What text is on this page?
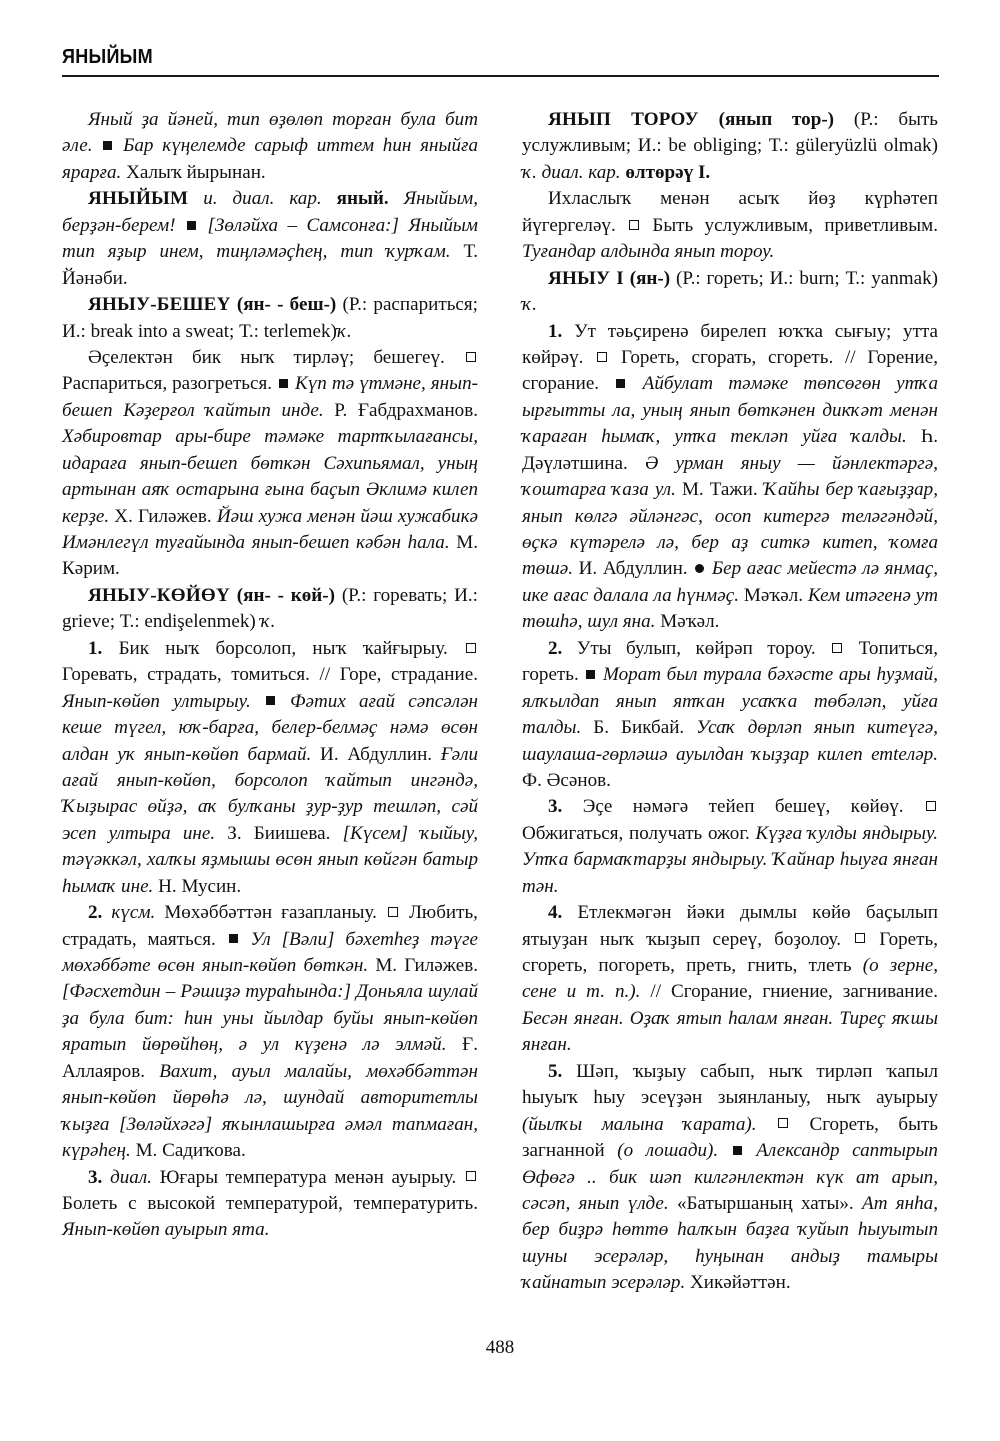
ЯНЫЙЫМ

Яный ҙа йәней, тип өҙөлөп торған була бит әле. Бар күңелемде сарыф иттем һин яныйға ярарға. Халыҡ йырынан.

ЯНЫЙЫМ и. диал. кар. яный. Яныйым, берҙән-берем! [Зөләйха – Самсонға:] Яныйым тип яҙыр инем, тиңләмәҫһең, тип ҡурҡам. Т. Йәнәби.

ЯНЫУ-БЕШЕҮ (ян- - беш-) (Р.: распариться; И.: break into a sweat; Т.: terlemek)ҡ.

Әҫелектән бик ныҡ тирләү; бешегеү.  Распариться, разогреться. Күп тә үтмәне, янып-бешеп Кәҙерғол ҡайтып инде. Р. Ғабдрахманов. Хәбировтар ары-бире тәмәке тартҡылағансы, идараға янып-бешеп бөткән Сәхипьямал, уның артынан аяҡ остарына ғына баҫып Әклимә килеп керҙе. Х. Гиләжев. Йәш хужа менән йәш хужабикә Имәнлегүл туғайында янып-бешеп кәбән һала. М. Кәрим.

ЯНЫУ-КӨЙӨҮ (ян- - көй-) (Р.: горевать; И.: grieve; Т.: endişelenmek) ҡ.

1. Бик ныҡ борсолоп, ныҡ ҡайғырыу.  Горевать, страдать, томиться. // Горе, страдание. Янып-көйөп ултырыу. Фәтих ағай сәпсәлән кеше түгел, юҡ-барға, белер-белмәҫ нәмә өсөн алдан уҡ янып-көйөп бармай. И. Абдуллин. Ғәли ағай янып-көйөп, борсолоп ҡайтып ингәндә, Ҡыҙырас өйҙә, аҡ булҡаны ҙур-ҙур тешләп, сәй эсеп ултыра ине. З. Биишева. [Күсем] ҡыйыу, тәүәккәл, халҡы яҙмышы өсөн янып көйгән батыр һымаҡ ине. Н. Мусин.

2. күсм. Мөхәббәттән ғазапланыу. Любить, страдать, маяться. Ул [Вәли] бәхетһеҙ тәүге мөхәббәте өсөн янып-көйөп бөткән. М. Гиләжев. [Фәсхетдин – Рәшиҙә тураһында:] Доньяла шулай ҙа була бит: һин уны йылдар буйы янып-көйөп яратып йөрөйһөң, ә ул күҙенә лә элмәй. Ғ. Аллаяров. Вахит, ауыл малайы, мөхәббәттән янып-көйөп йөрөһә лә, шундай авторитетлы ҡыҙға [Зөләйхәгә] яҡынлашырға әмәл тапмаған, күрәһең. М. Садиҡова.

3. диал. Юғары температура менән ауырыу.  Болеть с высокой температурой, температурить. Янып-көйөп ауырып ята.

ЯНЫП ТОРОУ (янып тор-) (Р.: быть услужливым; И.: be obliging; Т.: güleryüzlü olmak) ҡ. диал. кар. өлтөрәү I.

Ихласлыҡ менән асыҡ йөҙ күрһәтеп йүгергеләү. Быть услужливым, приветливым. Туғандар алдында янып тороу.

ЯНЫУ I (ян-) (Р.: гореть; И.: burn; Т.: yanmak) ҡ.

1. Ут тәьҫиренә бирелеп юҡҡа сығыу; утта көйрәү. Гореть, сгорать, сгореть. // Горение, сгорание. Айбулат тәмәке төпсөгөн утҡа ырғытты ла, уның янып бөткәнен дикҡәт менән ҡараған һымаҡ, утҡа текләп уйға ҡалды. Һ. Дәүләтшина. Ә урман яныу — йәнлектәргә, ҡоштарға ҡаза ул. М. Тажи. Ҡайһы бер ҡағыҙҙар, янып көлгә әйләнгәс, осоп китергә теләгәндәй, өҫкә күтәрелә лә, бер аҙ ситкә китеп, ҡомға төшә. И. Абдуллин. Бер ағас мейестә лә янмаҫ, ике ағас далала ла һүнмәҫ. Мәҡәл. Кем итәгенә ут төшһә, шул яна. Мәҡәл.

2. Уты булып, көйрәп тороу. Топиться, гореть. Морат был турала бәхәсте ары һуҙмай, ялҡылдап янып ятҡан усаҡҡа төбәләп, уйға талды. Б. Бикбай. Усаҡ дөрләп янып китеүгә, шаулаша-гөрләшә ауылдан ҡыҙҙар килеп етteләр. Ф. Әсәнов.

3. Эҫе нәмәгә тейеп бешеү, көйөү.  Обжигаться, получать ожог. Күҙға ҡулды яндырыу. Утҡа бармаҡтарҙы яндырыу. Ҡайнар һыуға янған тән.

4. Етлекмәгән йәки дымлы көйө баҫылып ятыуҙан ныҡ ҡыҙып сереү, боҙолоу. Гореть, сгореть, погореть, преть, гнить, тлеть (о зерне, сене и т. п.). // Сгорание, гниение, загнивание. Бесән янған. Оҙаҡ ятып һалам янған. Тиреҫ яҡшы янған.

5. Шәп, ҡыҙыу сабып, ныҡ тирләп ҡапыл һыуыҡ һыу эсеүҙән зыянланыу, ныҡ ауырыу (йылҡы малына ҡарата).	Сгореть, быть загнанной (о лошади). Александр саптырып Өфөгә .. бик шәп килгәнлектән күк ат арып, сәсәп, янып үлде. «Батыршаның хаты». Ат янһа, бер биҙрә һөттө һалҡын баҙға ҡуйып һыуытып шуны эсерәләр, һуңынан андыҙ тамыры ҡайнатып эсерәләр. Хикәйәттән.

488
